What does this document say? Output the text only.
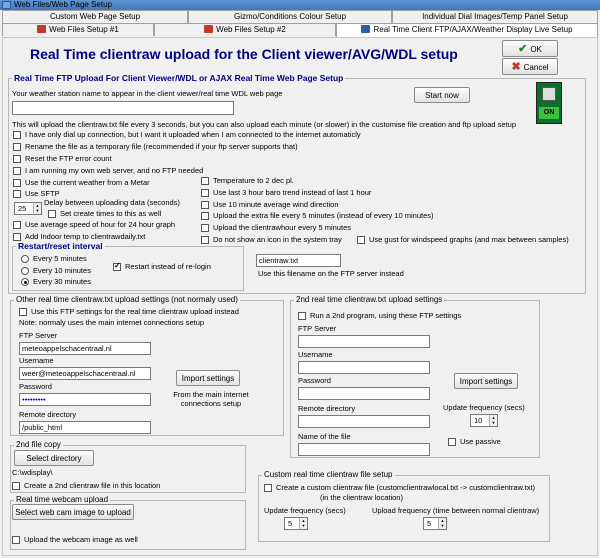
Web Files/Web Page Setup
Custom Web Page Setup	Gizmo/Conditions Colour Setup	Individual Dial Images/Temp Panel Setup
Web Files Setup #1	Web Files Setup #2	Real Time Client FTP/AJAX/Weather Display Live Setup
Real Time clientraw upload for the Client viewer/AVG/WDL setup	✔ OK
✖ Cancel
Real Time FTP Upload For Client Viewer/WDL or AJAX Real Time Web Page Setup
Your weather station name to appear in the client viewer/real time WDL web page	Start now
ON
This will upload the clientraw.txt file every 3 seconds, but you can also upload each minute (or slower) in the customise file creation and ftp upload setup
I have only dial up connection, but I want it uploaded when I am connected to the internet automaticly
Rename the file as a temporary file (recommended if your ftp server supports that)
Reset the FTP error count
I am running my own web server, and no FTP needed
Use the current weather from a Metar
Use SFTP
25	▲
▼
Delay between uploading data (seconds)
Set create times to this as well
Use average speed of hour for 24 hour graph
Add Indoor temp to clientrawdaily.txt
Temperature to 2 dec pl.
Use last 3 hour baro trend instead of last 1 hour
Use 10 minute average wind direction
Upload the extra file every 5 minutes (instead of every 10 minutes)
Upload the clientrawhour every 5 minutes
Do not show an icon in the system tray	Use gust for windspeed graphs (and max between samples)
Restart/reset interval
Every 5 minutes
Every 10 minutes
Every 30 minutes
✓
Restart instead of re-login
clientraw.txt
Use this filename on the FTP server instead
Other real time clientraw.txt upload settings (not normaly used)
Use this FTP settings for the real time clientraw upload instead
Note: normaly uses the main internet connections setup
FTP Server
meteoappelschacentraal.nl
Username
weer@meteoappelschacentraal.nl
Password
•••••••••
Remote directory
/public_html
Import settings
From the main internet connections setup
2nd real time clientraw.txt upload settings
Run a 2nd program, using these FTP settings
FTP Server
Username
Password
Remote directory
Name of the file
Import settings
Update frequency (secs)
10	▲
▼
Use passive
2nd file copy
Select directory
C:\wdisplay\
Create a 2nd clientraw file in this location
Real time webcam upload
Select web cam image to upload
Upload the webcam image as well
Custom real time clientraw file setup
Create a custom clientraw file (customclientrawlocal.txt -> customclientraw.txt)
(in the clientraw location)
Update frequency (secs)
5	▲
▼
Upload frequency (time between normal clientraw)
5	▲
▼
